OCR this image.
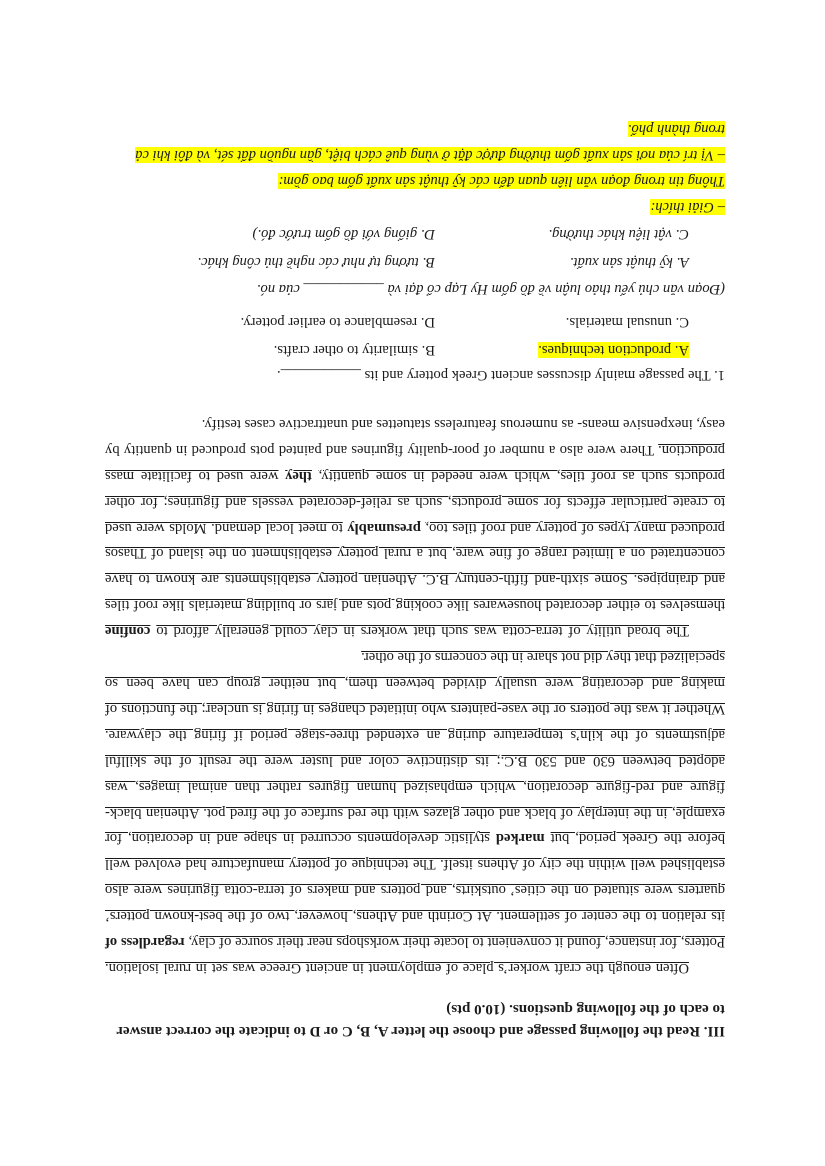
III. Read the following passage and choose the letter A, B, C or D to indicate the correct answer
to each of the following questions. (10.0 pts)

Often enough the craft worker’s place of employment in ancient Greece was set in rural isolation. Potters, for instance, found it convenient to locate their workshops near their source of clay, regardless of its relation to the center of settlement. At Corinth and Athens, however, two of the best-known potters’ quarters were situated on the cities’ outskirts, and potters and makers of terra-cotta figurines were also established well within the city of Athens itself. The technique of pottery manufacture had evolved well before the Greek period, but marked stylistic developments occurred in shape and in decoration, for example, in the interplay of black and other glazes with the red surface of the fired pot. Athenian black-figure and red-figure decoration, which emphasized human figures rather than animal images, was adopted between 630 and 530 B.C.; its distinctive color and luster were the result of the skillful adjustments of the kiln’s temperature during an extended three-stage period if firing the clayware. Whether it was the potters or the vase-painters who initiated changes in firing is unclear; the functions of making and decorating were usually divided between them, but neither group can have been so specialized that they did not share in the concerns of the other.

The broad utility of terra-cotta was such that workers in clay could generally afford to confine themselves to either decorated housewares like cooking pots and jars or building materials like roof tiles and drainpipes. Some sixth-and fifth-century B.C. Athenian pottery establishments are known to have concentrated on a limited range of fine ware, but a rural pottery establishment on the island of Thasos produced many types of pottery and roof tiles too, presumably to meet local demand. Molds were used to create particular effects for some products, such as relief-decorated vessels and figurines; for other products such as roof tiles, which were needed in some quantity, they were used to facilitate mass production. There were also a number of poor-quality figurines and painted pots produced in quantity by easy, inexpensive means- as numerous featureless statuettes and unattractive cases testify.

1. The passage mainly discusses ancient Greek pottery and its ___________.
A. production techniques.
B. similarity to other crafts.
C. unusual materials.
D. resemblance to earlier pottery.
(Đoạn văn chủ yếu thảo luận về đồ gốm Hy Lạp cổ đại và ___________ của nó.
A. kỹ thuật sản xuất.
B. tương tự như các nghề thủ công khác.
C. vật liệu khác thường.
D. giống với đồ gốm trước đó.)
– Giải thích:
Thông tin trong đoạn văn liên quan đến các kỹ thuật sản xuất gốm bao gồm:
– Vị trí của nơi sản xuất gốm thường được đặt ở vùng quê cách biệt, gần nguồn đất sét, và đôi khi cả
trong thành phố.
